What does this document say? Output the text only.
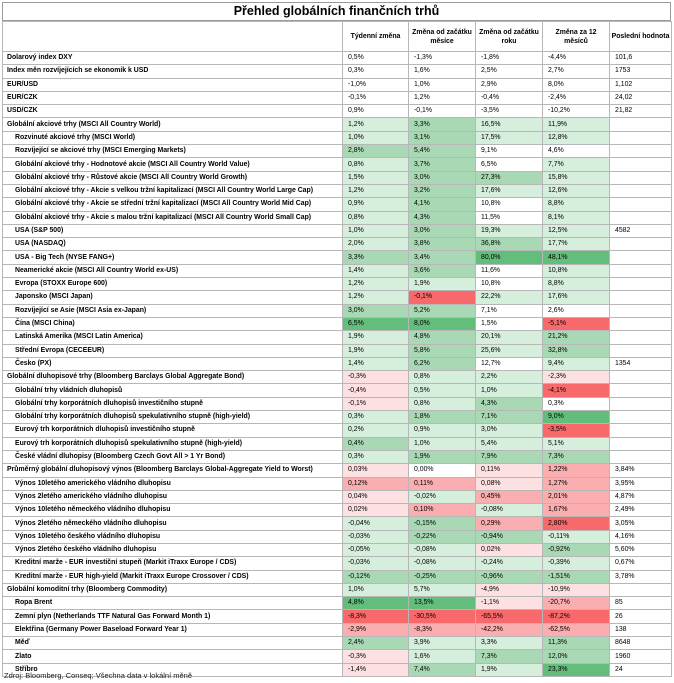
Přehled globálních finančních trhů
	Týdenní změna	Změna od začátku měsíce	Změna od začátku roku	Změna za 12 měsíců	Poslední hodnota
Dolarový index DXY	0,5%	-1,3%	-1,8%	-4,4%	101,6
Index měn rozvíjejících se ekonomik k USD	0,3%	1,6%	2,5%	2,7%	1753
EUR/USD	-1,0%	1,0%	2,9%	8,0%	1,102
EUR/CZK	-0,1%	1,2%	-0,4%	-2,4%	24,02
USD/CZK	0,9%	-0,1%	-3,5%	-10,2%	21,82
Globální akciové trhy (MSCI All Country World)	1,2%	3,3%	16,5%	11,9%	
Rozvinuté akciové trhy (MSCI World)	1,0%	3,1%	17,5%	12,8%	
Rozvíjející se akciové trhy (MSCI Emerging Markets)	2,8%	5,4%	9,1%	4,6%	
Globální akciové trhy - Hodnotové akcie (MSCI All Country World Value)	0,8%	3,7%	6,5%	7,7%	
Globální akciové trhy - Růstové akcie (MSCI All Country World Growth)	1,5%	3,0%	27,3%	15,8%	
Globální akciové trhy - Akcie s velkou tržní kapitalizací (MSCI All Country World Large Cap)	1,2%	3,2%	17,6%	12,6%	
Globální akciové trhy - Akcie se střední tržní kapitalizací (MSCI All Country World Mid Cap)	0,9%	4,1%	10,8%	8,8%	
Globální akciové trhy - Akcie s malou tržní kapitalizací (MSCI All Country World Small Cap)	0,8%	4,3%	11,5%	8,1%	
USA (S&P 500)	1,0%	3,0%	19,3%	12,5%	4582
USA (NASDAQ)	2,0%	3,8%	36,8%	17,7%	
USA - Big Tech (NYSE FANG+)	3,3%	3,4%	80,0%	48,1%	
Neamerické akcie (MSCI All Country World ex-US)	1,4%	3,6%	11,6%	10,8%	
Evropa (STOXX Europe 600)	1,2%	1,9%	10,8%	8,8%	
Japonsko (MSCI Japan)	1,2%	-0,1%	22,2%	17,6%	
Rozvíjející se Asie (MSCI Asia ex-Japan)	3,0%	5,2%	7,1%	2,6%	
Čína (MSCI China)	6,5%	8,0%	1,5%	-5,1%	
Latinská Amerika (MSCI Latin America)	1,9%	4,8%	20,1%	21,2%	
Střední Evropa (CECEEUR)	1,9%	5,8%	25,6%	32,8%	
Česko (PX)	1,4%	6,2%	12,7%	9,4%	1354
Globální dluhopisové trhy (Bloomberg Barclays Global Aggregate Bond)	-0,3%	0,8%	2,2%	-2,3%	
Globální trhy vládních dluhopisů	-0,4%	0,5%	1,0%	-4,1%	
Globální trhy korporátních dluhopisů investičního stupně	-0,1%	0,8%	4,3%	0,3%	
Globální trhy korporátních dluhopisů spekulativního stupně (high-yield)	0,3%	1,8%	7,1%	9,0%	
Eurový trh korporátních dluhopisů investičního stupně	0,2%	0,9%	3,0%	-3,5%	
Eurový trh korporátních dluhopisů spekulativního stupně (high-yield)	0,4%	1,0%	5,4%	5,1%	
České vládní dluhopisy (Bloomberg Czech Govt All > 1 Yr Bond)	0,3%	1,9%	7,9%	7,3%	
Průměrný globální dluhopisový výnos (Bloomberg Barclays Global-Aggregate Yield to Worst)	0,03%	0,00%	0,11%	1,22%	3,84%
Výnos 10letého amerického vládního dluhopisu	0,12%	0,11%	0,08%	1,27%	3,95%
Výnos 2letého amerického vládního dluhopisu	0,04%	-0,02%	0,45%	2,01%	4,87%
Výnos 10letého německého vládního dluhopisu	0,02%	0,10%	-0,08%	1,67%	2,49%
Výnos 2letého německého vládního dluhopisu	-0,04%	-0,15%	0,29%	2,80%	3,05%
Výnos 10letého českého vládního dluhopisu	-0,03%	-0,22%	-0,94%	-0,11%	4,16%
Výnos 2letého českého vládního dluhopisu	-0,05%	-0,08%	0,02%	-0,92%	5,60%
Kreditní marže - EUR investiční stupeň (Markit iTraxx Europe / CDS)	-0,03%	-0,08%	-0,24%	-0,39%	0,67%
Kreditní marže - EUR high-yield (Markit iTraxx Europe Crossover / CDS)	-0,12%	-0,25%	-0,96%	-1,51%	3,78%
Globální komoditní trhy (Bloomberg Commodity)	1,0%	5,7%	-4,9%	-10,9%	
Ropa Brent	4,8%	13,5%	-1,1%	-20,7%	85
Zemní plyn (Netherlands TTF Natural Gas Forward Month 1)	-8,3%	-30,5%	-65,5%	-87,2%	26
Elektřina (Germany Power Baseload Forward Year 1)	-2,9%	-8,3%	-42,2%	-62,5%	138
Měď	2,4%	3,9%	3,3%	11,3%	8648
Zlato	-0,3%	1,6%	7,3%	12,0%	1960
Stříbro	-1,4%	7,4%	1,9%	23,3%	24
Zdroj: Bloomberg, Conseq; Všechna data v lokální měně
